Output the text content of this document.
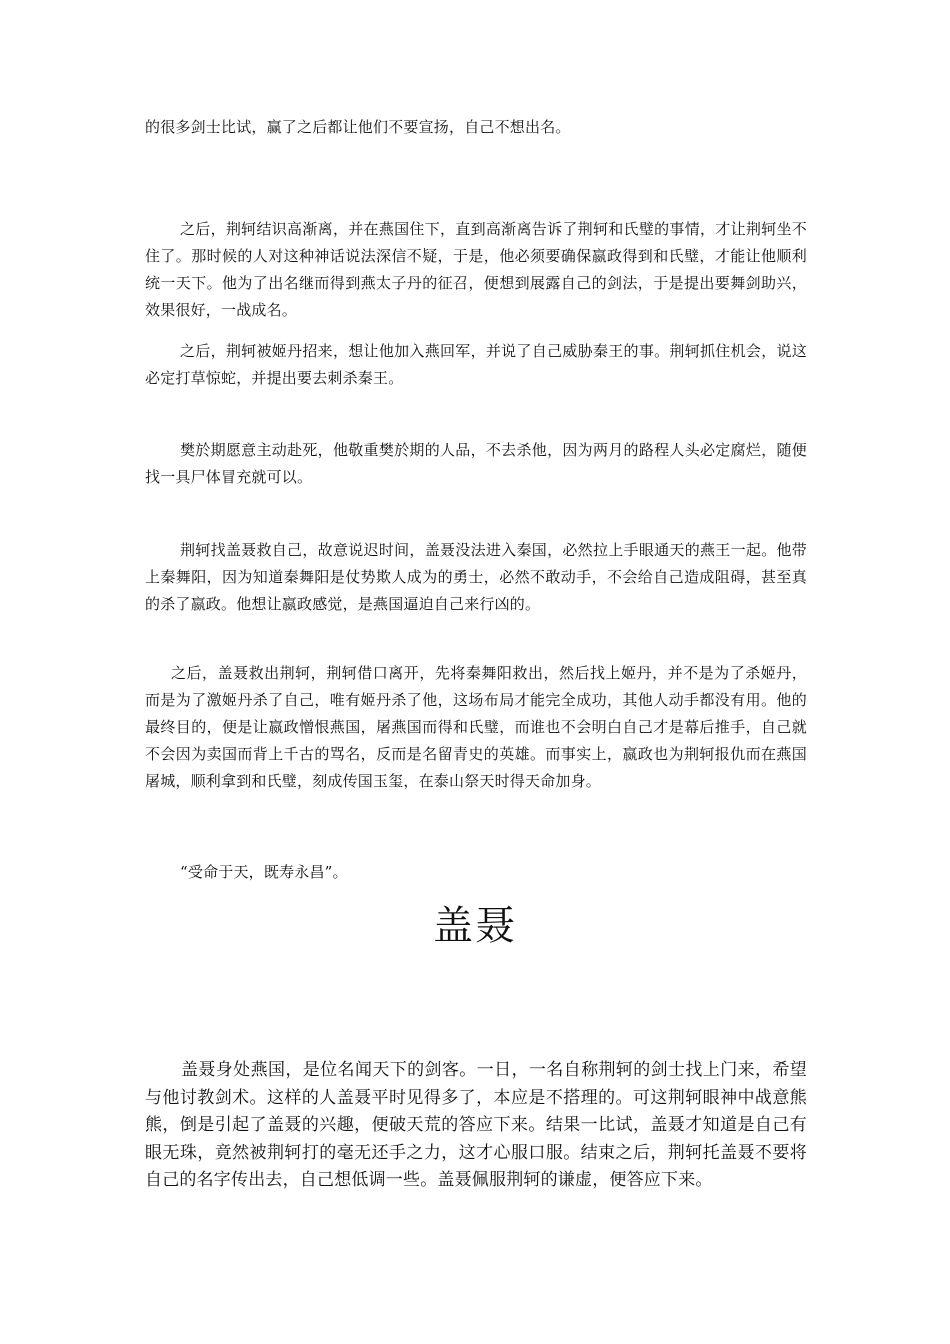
的很多剑士比试，赢了之后都让他们不要宣扬，自己不想出名。

之后，荆轲结识高渐离，并在燕国住下，直到高渐离告诉了荆轲和氏璧的事情，才让荆轲坐不住了。那时候的人对这种神话说法深信不疑，于是，他必须要确保嬴政得到和氏璧，才能让他顺利统一天下。他为了出名继而得到燕太子丹的征召，便想到展露自己的剑法，于是提出要舞剑助兴，效果很好，一战成名。

之后，荆轲被姬丹招来，想让他加入燕回军，并说了自己威胁秦王的事。荆轲抓住机会，说这必定打草惊蛇，并提出要去刺杀秦王。

樊於期愿意主动赴死，他敬重樊於期的人品，不去杀他，因为两月的路程人头必定腐烂，随便找一具尸体冒充就可以。

荆轲找盖聂救自己，故意说迟时间，盖聂没法进入秦国，必然拉上手眼通天的燕王一起。他带上秦舞阳，因为知道秦舞阳是仗势欺人成为的勇士，必然不敢动手，不会给自己造成阻碍，甚至真的杀了嬴政。他想让嬴政感觉，是燕国逼迫自己来行凶的。

之后，盖聂救出荆轲，荆轲借口离开，先将秦舞阳救出，然后找上姬丹，并不是为了杀姬丹，而是为了激姬丹杀了自己，唯有姬丹杀了他，这场布局才能完全成功，其他人动手都没有用。他的最终目的，便是让嬴政憎恨燕国，屠燕国而得和氏璧，而谁也不会明白自己才是幕后推手，自己就不会因为卖国而背上千古的骂名，反而是名留青史的英雄。而事实上，嬴政也为荆轲报仇而在燕国屠城，顺利拿到和氏璧，刻成传国玉玺，在泰山祭天时得天命加身。

“受命于天，既寿永昌”。

盖聂

盖聂身处燕国，是位名闻天下的剑客。一日，一名自称荆轲的剑士找上门来，希望与他讨教剑术。这样的人盖聂平时见得多了，本应是不搭理的。可这荆轲眼神中战意熊熊，倒是引起了盖聂的兴趣，便破天荒的答应下来。结果一比试，盖聂才知道是自己有眼无珠，竟然被荆轲打的毫无还手之力，这才心服口服。结束之后，荆轲托盖聂不要将自己的名字传出去，自己想低调一些。盖聂佩服荆轲的谦虚，便答应下来。
